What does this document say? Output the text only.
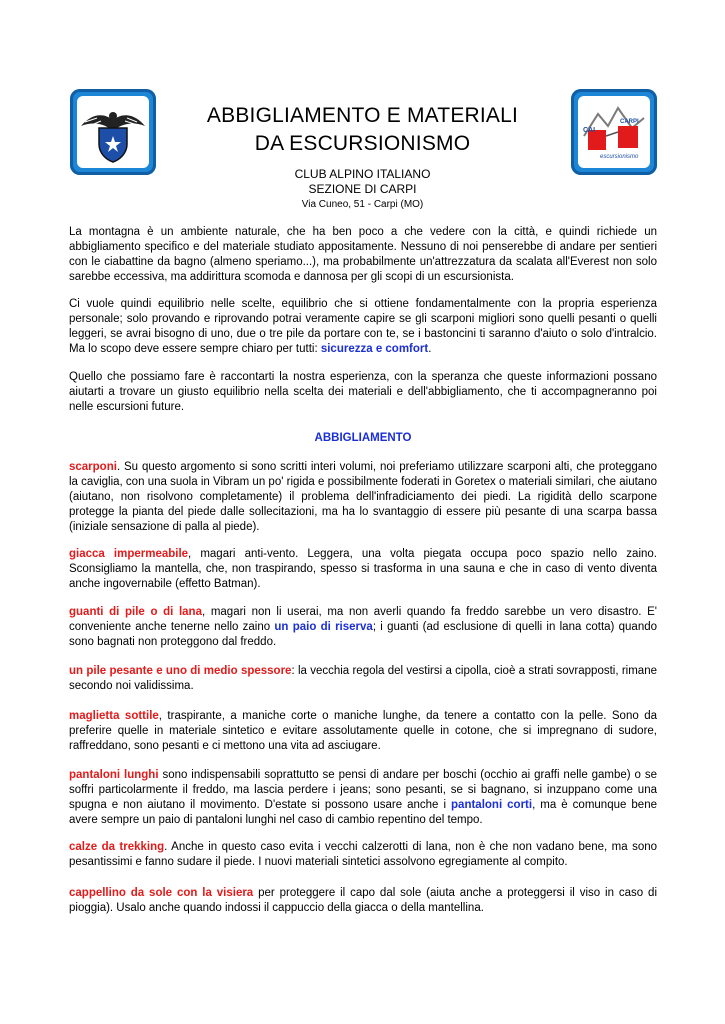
CAI
CARPI
escursionismo
ABBIGLIAMENTO E MATERIALI
DA ESCURSIONISMO
CLUB ALPINO ITALIANO
SEZIONE DI CARPI
Via Cuneo, 51 - Carpi (MO)

La montagna è un ambiente naturale, che ha ben poco a che vedere con la città, e quindi richiede un abbigliamento specifico e del materiale studiato appositamente. Nessuno di noi penserebbe di andare per sentieri con le ciabattine da bagno (almeno speriamo...), ma probabilmente un'attrezzatura da scalata all'Everest non solo sarebbe eccessiva, ma addirittura scomoda e dannosa per gli scopi di un escursionista.

Ci vuole quindi equilibrio nelle scelte, equilibrio che si ottiene fondamentalmente con la propria esperienza personale; solo provando e riprovando potrai veramente capire se gli scarponi migliori sono quelli pesanti o quelli leggeri, se avrai bisogno di uno, due o tre pile da portare con te, se i bastoncini ti saranno d'aiuto o solo d'intralcio. Ma lo scopo deve essere sempre chiaro per tutti: sicurezza e comfort.

Quello che possiamo fare è raccontarti la nostra esperienza, con la speranza che queste informazioni possano aiutarti a trovare un giusto equilibrio nella scelta dei materiali e dell'abbigliamento, che ti accompagneranno poi nelle escursioni future.

ABBIGLIAMENTO

scarponi. Su questo argomento si sono scritti interi volumi, noi preferiamo utilizzare scarponi alti, che proteggano la caviglia, con una suola in Vibram un po' rigida e possibilmente foderati in Goretex o materiali similari, che aiutano (aiutano, non risolvono completamente) il problema dell'infradiciamento dei piedi. La rigidità dello scarpone protegge la pianta del piede dalle sollecitazioni, ma ha lo svantaggio di essere più pesante di una scarpa bassa (iniziale sensazione di palla al piede).

giacca impermeabile, magari anti-vento. Leggera, una volta piegata occupa poco spazio nello zaino. Sconsigliamo la mantella, che, non traspirando, spesso si trasforma in una sauna e che in caso di vento diventa anche ingovernabile (effetto Batman).

guanti di pile o di lana, magari non li userai, ma non averli quando fa freddo sarebbe un vero disastro. E' conveniente anche tenerne nello zaino un paio di riserva; i guanti (ad esclusione di quelli in lana cotta) quando sono bagnati non proteggono dal freddo.

un pile pesante e uno di medio spessore: la vecchia regola del vestirsi a cipolla, cioè a strati sovrapposti, rimane secondo noi validissima.

maglietta sottile, traspirante, a maniche corte o maniche lunghe, da tenere a contatto con la pelle. Sono da preferire quelle in materiale sintetico e evitare assolutamente quelle in cotone, che si impregnano di sudore, raffreddano, sono pesanti e ci mettono una vita ad asciugare.

pantaloni lunghi sono indispensabili soprattutto se pensi di andare per boschi (occhio ai graffi nelle gambe) o se soffri particolarmente il freddo, ma lascia perdere i jeans; sono pesanti, se si bagnano, si inzuppano come una spugna e non aiutano il movimento. D'estate si possono usare anche i pantaloni corti, ma è comunque bene avere sempre un paio di pantaloni lunghi nel caso di cambio repentino del tempo.

calze da trekking. Anche in questo caso evita i vecchi calzerotti di lana, non è che non vadano bene, ma sono pesantissimi e fanno sudare il piede. I nuovi materiali sintetici assolvono egregiamente al compito.

cappellino da sole con la visiera per proteggere il capo dal sole (aiuta anche a proteggersi il viso in caso di pioggia). Usalo anche quando indossi il cappuccio della giacca o della mantellina.
